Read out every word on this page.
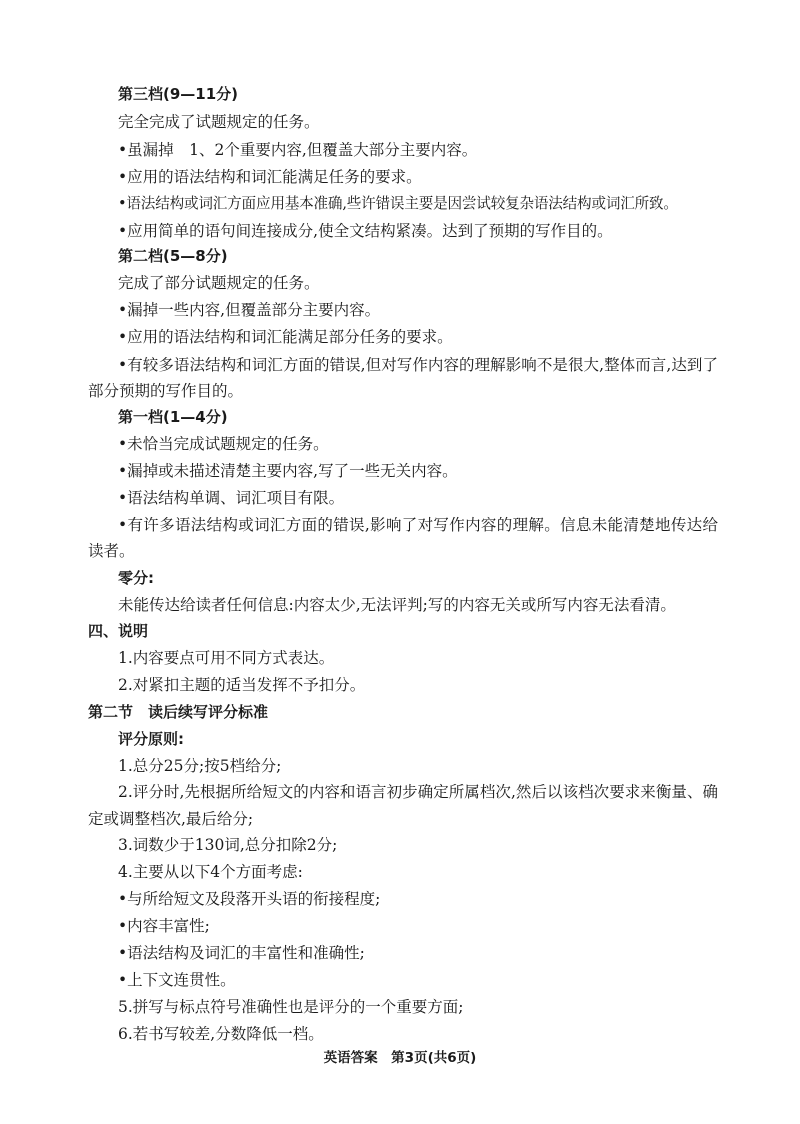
第三档(9—11分)
完全完成了试题规定的任务。
•虽漏掉　1、2个重要内容,但覆盖大部分主要内容。
•应用的语法结构和词汇能满足任务的要求。
•语法结构或词汇方面应用基本准确,些许错误主要是因尝试较复杂语法结构或词汇所致。
•应用简单的语句间连接成分,使全文结构紧凑。达到了预期的写作目的。
第二档(5—8分)
完成了部分试题规定的任务。
•漏掉一些内容,但覆盖部分主要内容。
•应用的语法结构和词汇能满足部分任务的要求。
•有较多语法结构和词汇方面的错误,但对写作内容的理解影响不是很大,整体而言,达到了部分预期的写作目的。
第一档(1—4分)
•未恰当完成试题规定的任务。
•漏掉或未描述清楚主要内容,写了一些无关内容。
•语法结构单调、词汇项目有限。
•有许多语法结构或词汇方面的错误,影响了对写作内容的理解。信息未能清楚地传达给读者。
零分:
未能传达给读者任何信息:内容太少,无法评判;写的内容无关或所写内容无法看清。
四、说明
1.内容要点可用不同方式表达。
2.对紧扣主题的适当发挥不予扣分。
第二节　读后续写评分标准
评分原则:
1.总分25分;按5档给分;
2.评分时,先根据所给短文的内容和语言初步确定所属档次,然后以该档次要求来衡量、确定或调整档次,最后给分;
3.词数少于130词,总分扣除2分;
4.主要从以下4个方面考虑:
•与所给短文及段落开头语的衔接程度;
•内容丰富性;
•语法结构及词汇的丰富性和准确性;
•上下文连贯性。
5.拼写与标点符号准确性也是评分的一个重要方面;
6.若书写较差,分数降低一档。
英语答案　第3页(共6页)
